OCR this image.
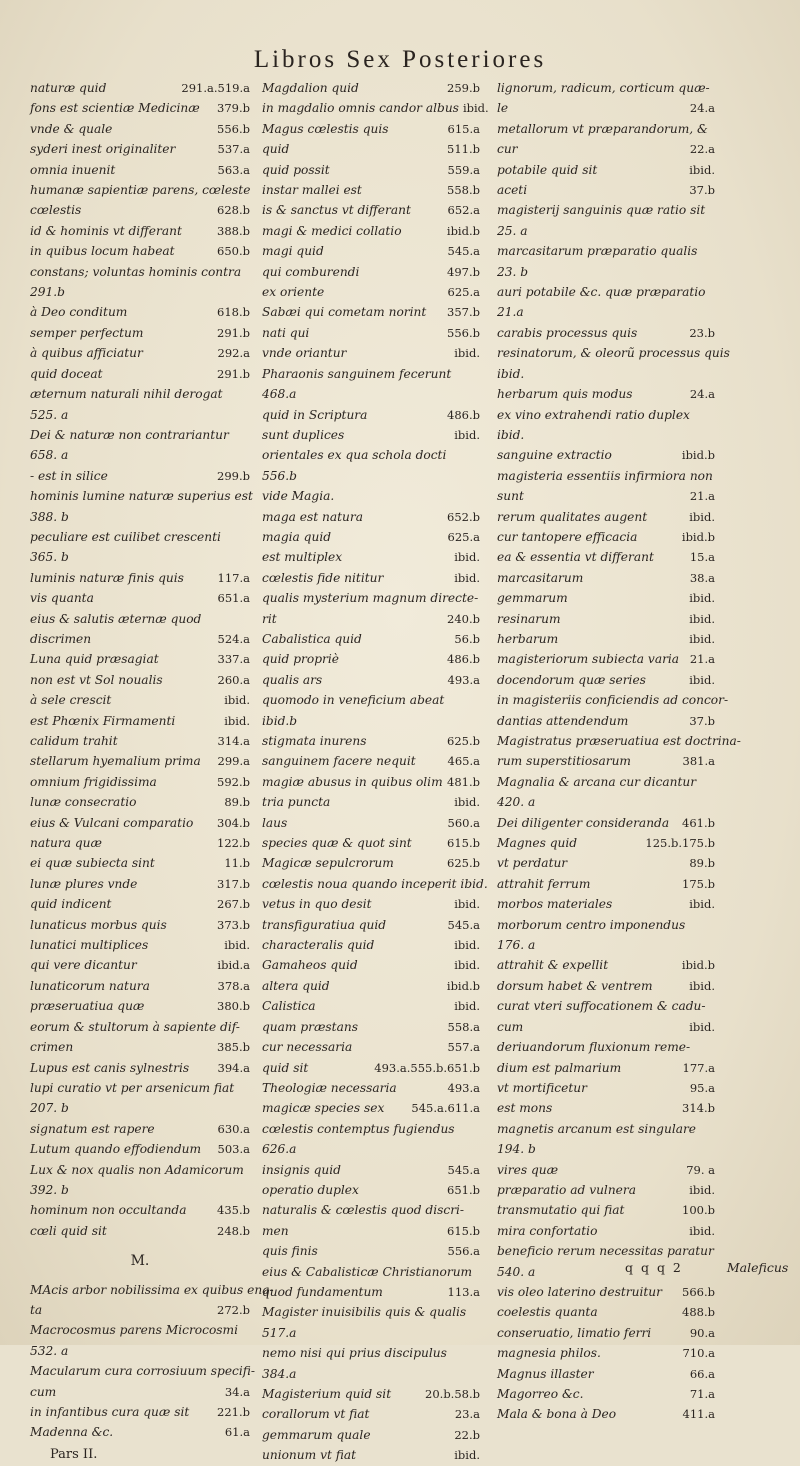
Libros Sex Posteriores
naturæ quid	291.a.519.a
fons est scientiæ Medicinæ	379.b
vnde & quale	556.b
syderi inest originaliter	537.a
omnia inuenit	563.a
humanæ sapientiæ parens, cœleste
cœlestis	628.b
id & hominis vt differant	388.b
in quibus locum habeat	650.b
constans; voluntas hominis contra
291.b
à Deo conditum	618.b
semper perfectum	291.b
à quibus afficiatur	292.a
quid doceat	291.b
æternum naturali nihil derogat
525. a
Dei & naturæ non contrariantur
658. a
- est in silice	299.b
hominis lumine naturæ superius est
388. b
peculiare est cuilibet crescenti
365. b
luminis naturæ finis quis	117.a
vis quanta	651.a
eius & salutis æternæ quod
discrimen	524.a
Luna quid præsagiat	337.a
non est vt Sol noualis	260.a
à sele crescit	ibid.
est Phœnix Firmamenti	ibid.
calidum trahit	314.a
stellarum hyemalium prima	299.a
omnium frigidissima	592.b
lunæ consecratio	89.b
eius & Vulcani comparatio	304.b
natura quæ	122.b
ei quæ subiecta sint	11.b
lunæ plures vnde	317.b
quid indicent	267.b
lunaticus morbus quis	373.b
lunatici multiplices	ibid.
qui vere dicantur	ibid.a
lunaticorum natura	378.a
præseruatiua quæ	380.b
eorum & stultorum à sapiente dif-
crimen	385.b
Lupus est canis sylnestris	394.a
lupi curatio vt per arsenicum fiat
207. b
signatum est rapere	630.a
Lutum quando effodiendum	503.a
Lux & nox qualis non Adamicorum
392. b
hominum non occultanda	435.b
cœli quid sit	248.b
M.
MAcis arbor nobilissima ex quibus ena-
ta	272.b
Macrocosmus parens Microcosmi
532. a
Macularum cura corrosiuum specifi-
cum	34.a
in infantibus cura quæ sit	221.b
Madenna &c.	61.a
Pars II.
Magdalion quid	259.b
in magdalio omnis candor albus ibid.
Magus cœlestis quis	615.a
quid	511.b
quid possit	559.a
instar mallei est	558.b
is & sanctus vt differant	652.a
magi & medici collatio	ibid.b
magi quid	545.a
qui comburendi	497.b
ex oriente	625.a
Sabæi qui cometam norint	357.b
nati qui	556.b
vnde oriantur	ibid.
Pharaonis sanguinem fecerunt
468.a
quid in Scriptura	486.b
sunt duplices	ibid.
orientales ex qua schola docti
556.b
vide Magia.
maga est natura	652.b
magia quid	625.a
est multiplex	ibid.
cœlestis fide nititur	ibid.
qualis mysterium magnum directe-
rit	240.b
Cabalistica quid	56.b
quid propriè	486.b
qualis ars	493.a
quomodo in veneficium abeat
ibid.b
stigmata inurens	625.b
sanguinem facere nequit	465.a
magiæ abusus in quibus olim 481.b
tria puncta	ibid.
laus	560.a
species quæ & quot sint	615.b
Magicæ sepulcrorum	625.b
cœlestis noua quando inceperit ibid.
vetus in quo desit	ibid.
transfiguratiua quid	545.a
characteralis quid	ibid.
Gamaheos quid	ibid.
altera quid	ibid.b
Calistica	ibid.
quam præstans	558.a
cur necessaria	557.a
quid sit	493.a.555.b.651.b
Theologiæ necessaria	493.a
magicæ species sex	545.a.611.a
cœlestis contemptus fugiendus
626.a
insignis quid	545.a
operatio duplex	651.b
naturalis & cœlestis quod discri-
men	615.b
quis finis	556.a
eius & Cabalisticæ Christianorum
quod fundamentum	113.a
Magister inuisibilis quis & qualis
517.a
nemo nisi qui prius discipulus
384.a
Magisterium quid sit	20.b.58.b
corallorum vt fiat	23.a
gemmarum quale	22.b
unionum vt fiat	ibid.
lignorum, radicum, corticum quæ-
le	24.a
metallorum vt præparandorum, &
cur	22.a
potabile quid sit	ibid.
aceti	37.b
magisterij sanguinis quæ ratio sit
25. a
marcasitarum præparatio qualis
23. b
auri potabile &c. quæ præparatio
21.a
carabis processus quis	23.b
resinatorum, & oleorũ processus quis
ibid.
herbarum quis modus	24.a
ex vino extrahendi ratio duplex
ibid.
sanguine extractio	ibid.b
magisteria essentiis infirmiora non
sunt	21.a
rerum qualitates augent	ibid.
cur tantopere efficacia	ibid.b
ea & essentia vt differant	15.a
marcasitarum	38.a
gemmarum	ibid.
resinarum	ibid.
herbarum	ibid.
magisteriorum subiecta varia 21.a
docendorum quæ series	ibid.
in magisteriis conficiendis ad concor-
dantias attendendum	37.b
Magistratus præseruatiua est doctrina-
rum superstitiosarum	381.a
Magnalia & arcana cur dicantur
420. a
Dei diligenter consideranda	461.b
Magnes quid	125.b.175.b
vt perdatur	89.b
attrahit ferrum	175.b
morbos materiales	ibid.
morborum centro imponendus
176. a
attrahit & expellit	ibid.b
dorsum habet & ventrem	ibid.
curat vteri suffocationem & cadu-
cum	ibid.
deriuandorum fluxionum reme-
dium est palmarium	177.a
vt mortificetur	95.a
est mons	314.b
magnetis arcanum est singulare
194. b
vires quæ	79. a
præparatio ad vulnera	ibid.
transmutatio qui fiat	100.b
mira confortatio	ibid.
beneficio rerum necessitas paratur
540. a
vis oleo laterino destruitur	566.b
coelestis quanta	488.b
conseruatio, limatio ferri	90.a
magnesia philos.	710.a
Magnus illaster	66.a
Magorreo &c.	71.a
Mala & bona à Deo	411.a
q q q 2	Maleficus
